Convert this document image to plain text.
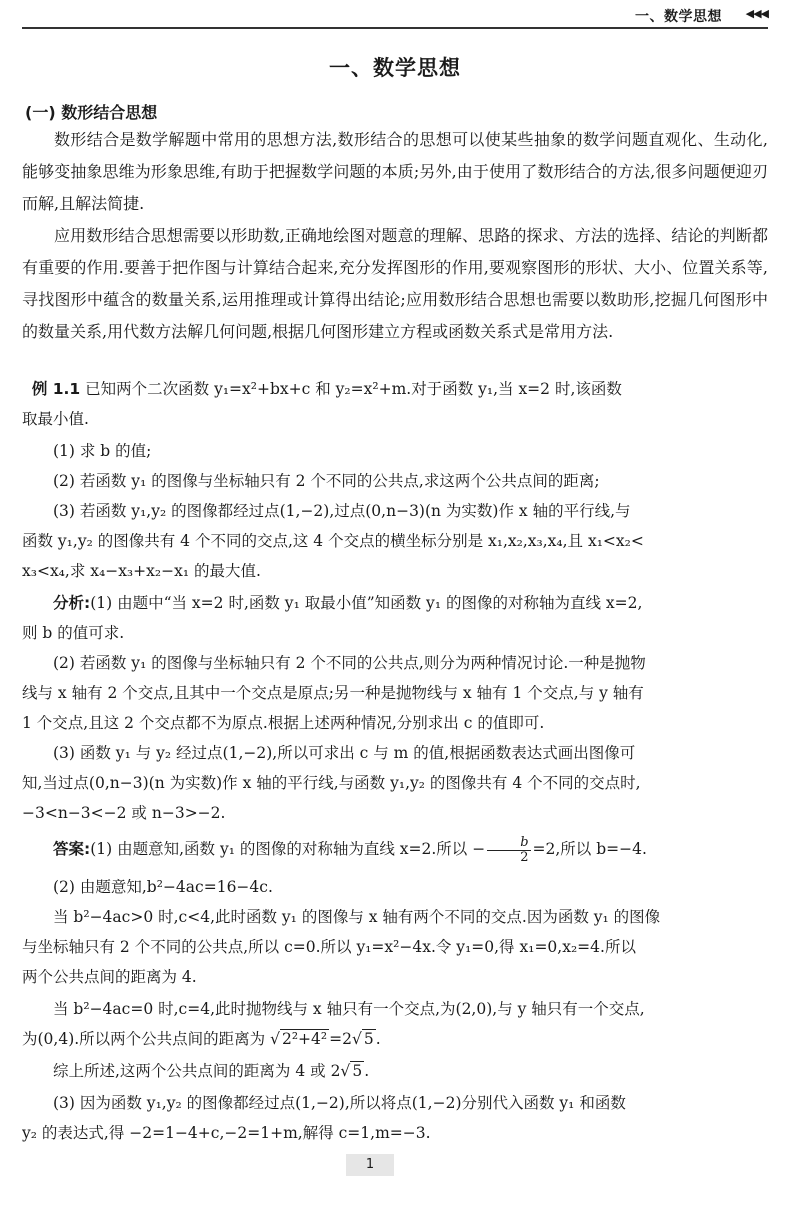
一、数学思想 ◀◀◀
一、数学思想
(一) 数形结合思想

数形结合是数学解题中常用的思想方法,数形结合的思想可以使某些抽象的数学问题直观化、生动化,能够变抽象思维为形象思维,有助于把握数学问题的本质;另外,由于使用了数形结合的方法,很多问题便迎刃而解,且解法简捷.

应用数形结合思想需要以形助数,正确地绘图对题意的理解、思路的探求、方法的选择、结论的判断都有重要的作用.要善于把作图与计算结合起来,充分发挥图形的作用,要观察图形的形状、大小、位置关系等,寻找图形中蕴含的数量关系,运用推理或计算得出结论;应用数形结合思想也需要以数助形,挖掘几何图形中的数量关系,用代数方法解几何问题,根据几何图形建立方程或函数关系式是常用方法.

例 1.1 已知两个二次函数 y₁=x²+bx+c 和 y₂=x²+m.对于函数 y₁,当 x=2 时,该函数
取最小值.
(1) 求 b 的值;
(2) 若函数 y₁ 的图像与坐标轴只有 2 个不同的公共点,求这两个公共点间的距离;
(3) 若函数 y₁,y₂ 的图像都经过点(1,−2),过点(0,n−3)(n 为实数)作 x 轴的平行线,与
函数 y₁,y₂ 的图像共有 4 个不同的交点,这 4 个交点的横坐标分别是 x₁,x₂,x₃,x₄,且 x₁<x₂<
x₃<x₄,求 x₄−x₃+x₂−x₁ 的最大值.
分析:(1) 由题中“当 x=2 时,函数 y₁ 取最小值”知函数 y₁ 的图像的对称轴为直线 x=2,
则 b 的值可求.
(2) 若函数 y₁ 的图像与坐标轴只有 2 个不同的公共点,则分为两种情况讨论.一种是抛物
线与 x 轴有 2 个交点,且其中一个交点是原点;另一种是抛物线与 x 轴有 1 个交点,与 y 轴有
1 个交点,且这 2 个交点都不为原点.根据上述两种情况,分别求出 c 的值即可.
(3) 函数 y₁ 与 y₂ 经过点(1,−2),所以可求出 c 与 m 的值,根据函数表达式画出图像可
知,当过点(0,n−3)(n 为实数)作 x 轴的平行线,与函数 y₁,y₂ 的图像共有 4 个不同的交点时,
−3<n−3<−2 或 n−3>−2.
答案:(1) 由题意知,函数 y₁ 的图像的对称轴为直线 x=2.所以 − $\frac{b}{2} =2$,所以 b=−4.
(2) 由题意知,b²−4ac=16−4c.
当 b²−4ac>0 时,c<4,此时函数 y₁ 的图像与 x 轴有两个不同的交点.因为函数 y₁ 的图像
与坐标轴只有 2 个不同的公共点,所以 c=0.所以 y₁=x²−4x.令 y₁=0,得 x₁=0,x₂=4.所以
两个公共点间的距离为 4.
当 b²−4ac=0 时,c=4,此时抛物线与 x 轴只有一个交点,为(2,0),与 y 轴只有一个交点,
为(0,4).所以两个公共点间的距离为 √ 2²+4² =2√ 5 .
综上所述,这两个公共点间的距离为 4 或 2√ 5 .
(3) 因为函数 y₁,y₂ 的图像都经过点(1,−2),所以将点(1,−2)分别代入函数 y₁ 和函数
y₂ 的表达式,得 −2=1−4+c,−2=1+m,解得 c=1,m=−3.
1
